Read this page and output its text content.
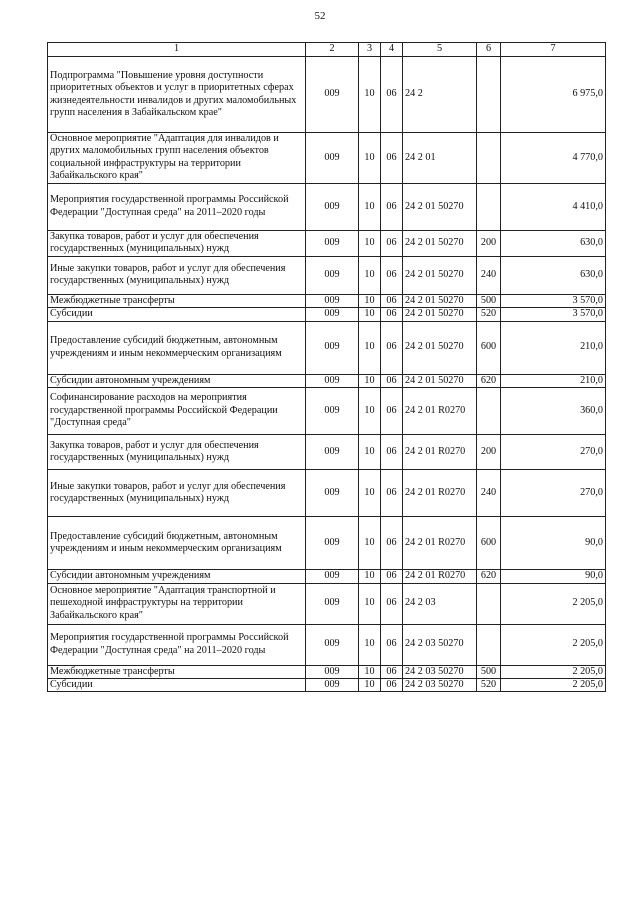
52
1	2	3	4	5	6	7
Подпрограмма "Повышение уровня доступности приоритетных объектов и услуг в приоритетных сферах жизнедеятельности инвалидов и других маломобильных групп населения в Забайкальском крае"	009	10	06	24 2		6 975,0
Основное мероприятие "Адаптация для инвалидов и других маломобильных групп населения объектов социальной инфраструктуры на территории Забайкальского края"	009	10	06	24 2 01		4 770,0
Мероприятия государственной программы Российской Федерации "Доступная среда" на 2011–2020 годы	009	10	06	24 2 01 50270		4 410,0
Закупка товаров, работ и услуг для обеспечения государственных (муниципальных) нужд	009	10	06	24 2 01 50270	200	630,0
Иные закупки товаров, работ и услуг для обеспечения государственных (муниципальных) нужд	009	10	06	24 2 01 50270	240	630,0
Межбюджетные трансферты	009	10	06	24 2 01 50270	500	3 570,0
Субсидии	009	10	06	24 2 01 50270	520	3 570,0
Предоставление субсидий бюджетным, автономным учреждениям и иным некоммерческим организациям	009	10	06	24 2 01 50270	600	210,0
Субсидии автономным учреждениям	009	10	06	24 2 01 50270	620	210,0
Софинансирование расходов на мероприятия государственной программы Российской Федерации "Доступная среда"	009	10	06	24 2 01 R0270		360,0
Закупка товаров, работ и услуг для обеспечения государственных (муниципальных) нужд	009	10	06	24 2 01 R0270	200	270,0
Иные закупки товаров, работ и услуг для обеспечения государственных (муниципальных) нужд	009	10	06	24 2 01 R0270	240	270,0
Предоставление субсидий бюджетным, автономным учреждениям и иным некоммерческим организациям	009	10	06	24 2 01 R0270	600	90,0
Субсидии автономным учреждениям	009	10	06	24 2 01 R0270	620	90,0
Основное мероприятие "Адаптация транспортной и пешеходной инфраструктуры на территории Забайкальского края"	009	10	06	24 2 03		2 205,0
Мероприятия государственной программы Российской Федерации "Доступная среда" на 2011–2020 годы	009	10	06	24 2 03 50270		2 205,0
Межбюджетные трансферты	009	10	06	24 2 03 50270	500	2 205,0
Субсидии	009	10	06	24 2 03 50270	520	2 205,0
